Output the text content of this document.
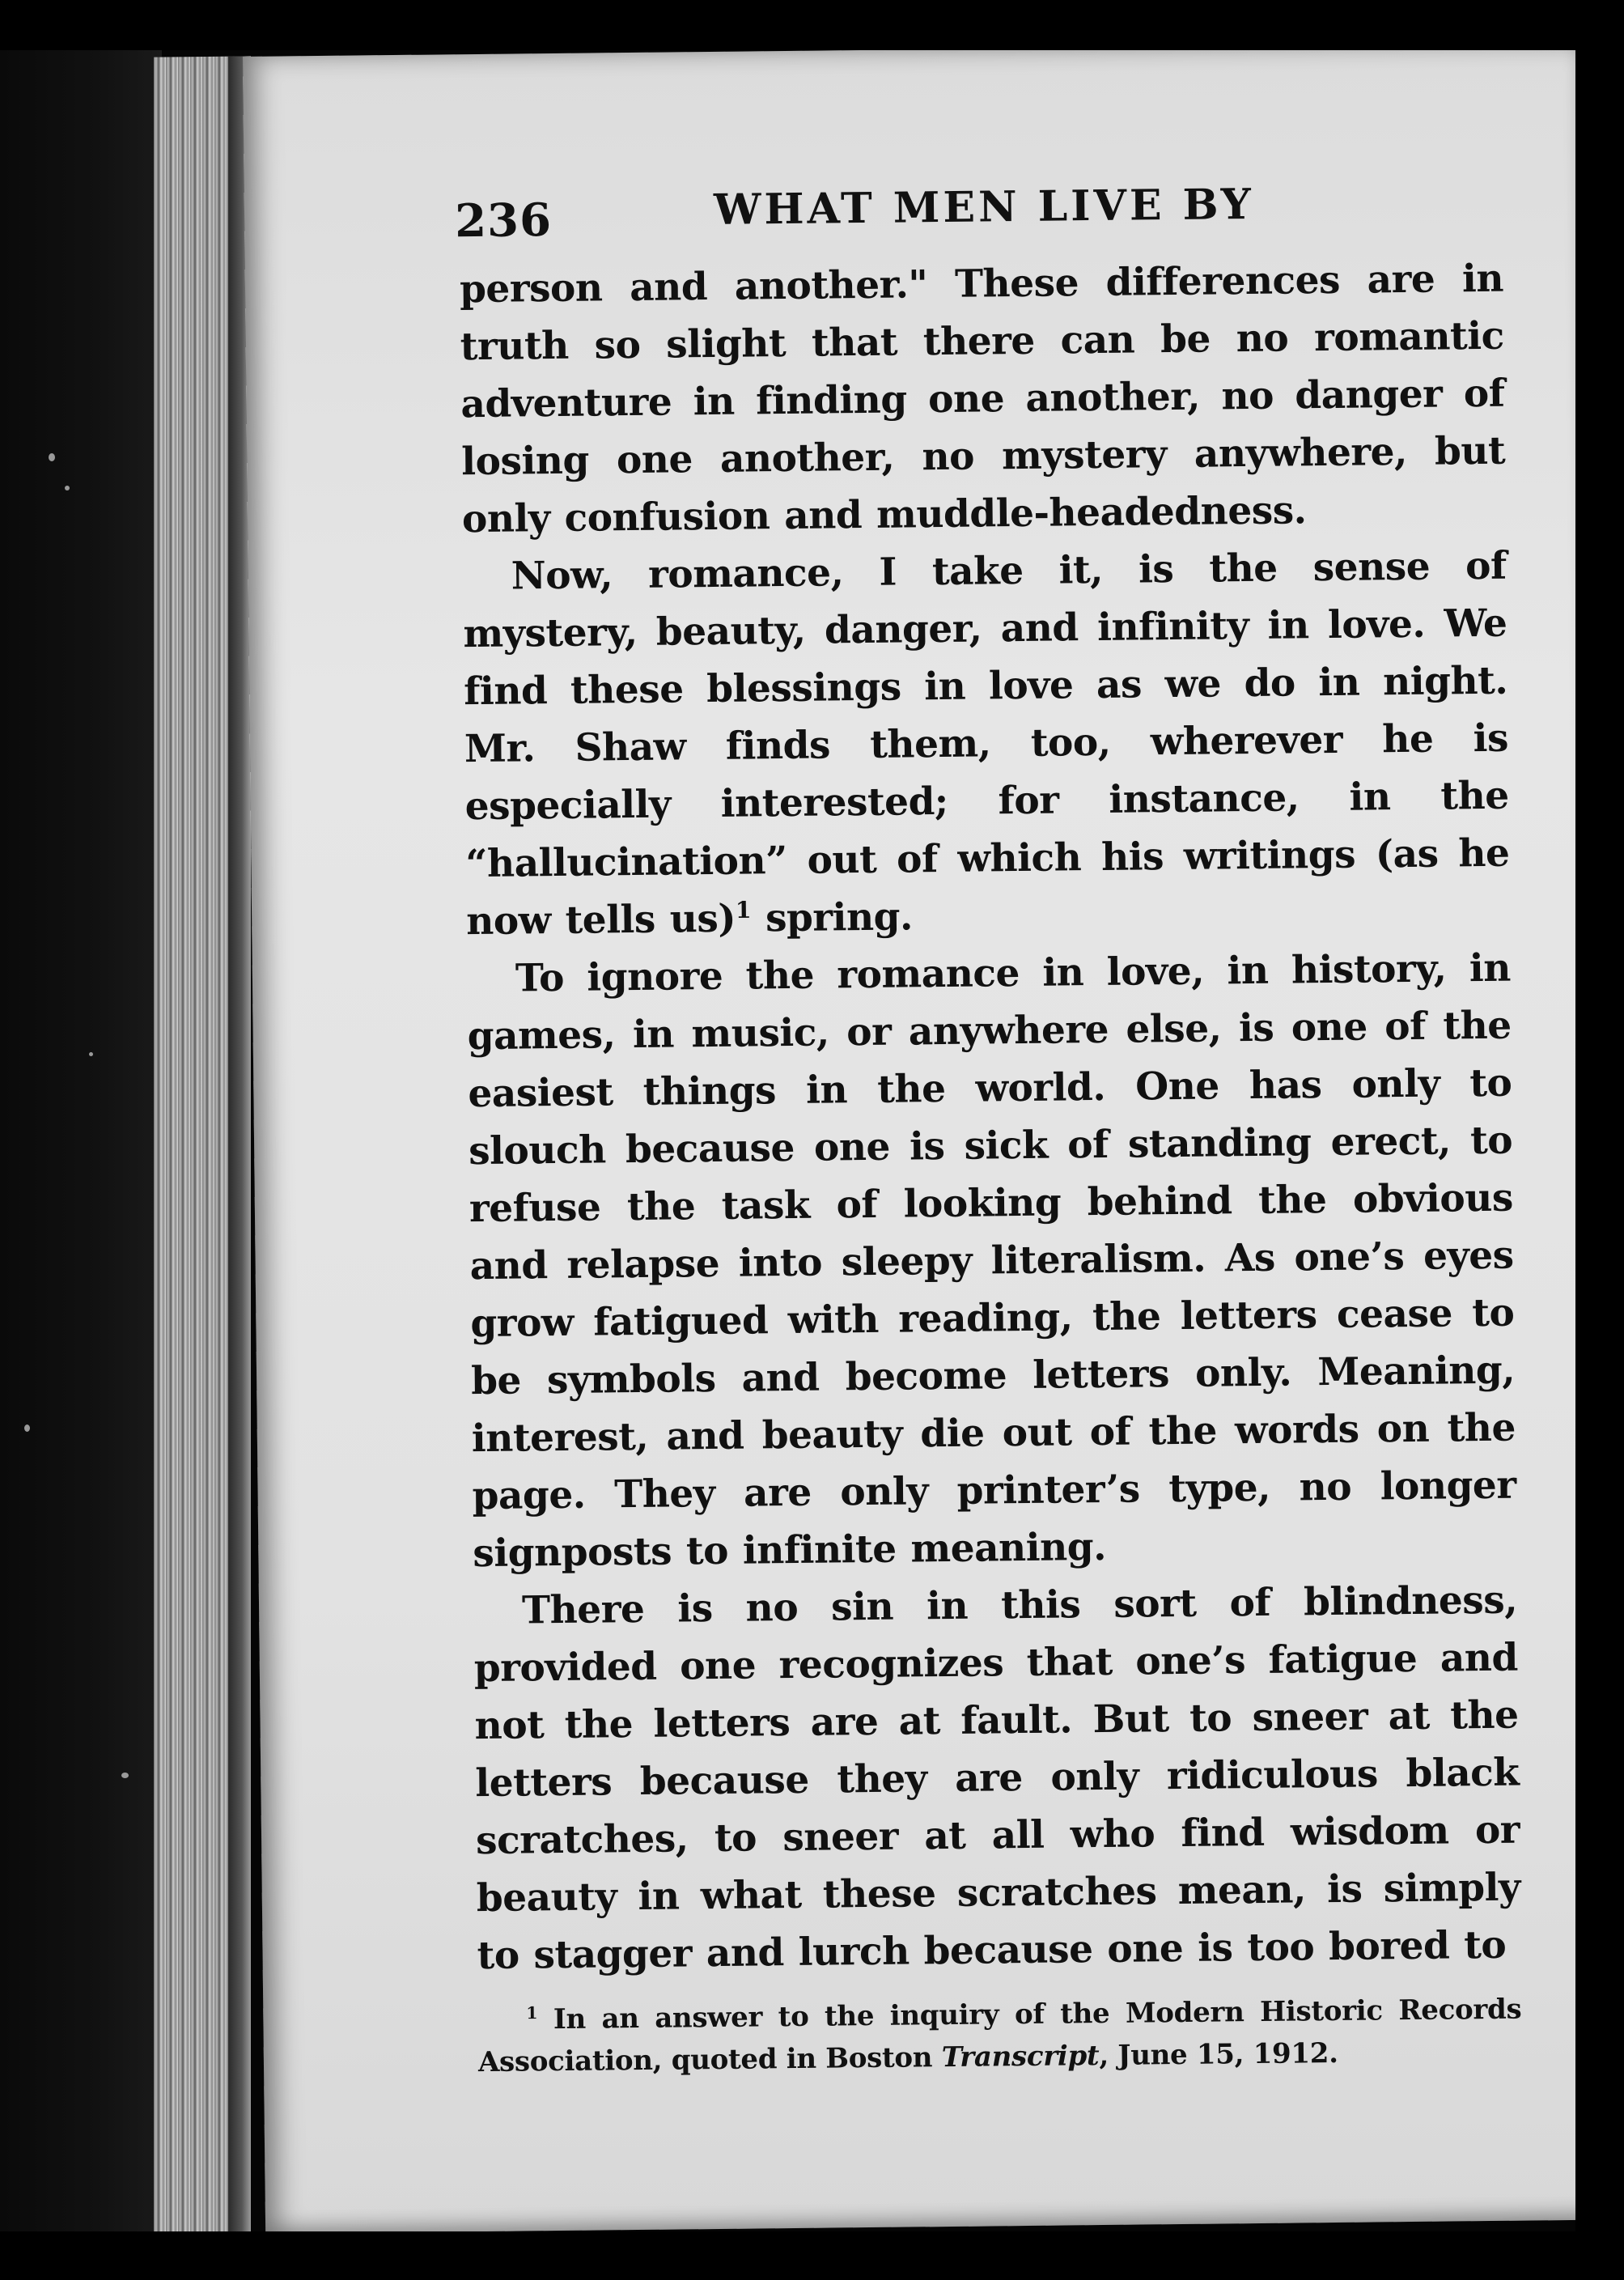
236	WHAT MEN LIVE BY

person and another." These differences are in truth so slight that there can be no romantic adventure in finding one another, no danger of losing one another, no mystery anywhere, but only confusion and muddle-headedness.

Now, romance, I take it, is the sense of mystery, beauty, danger, and infinity in love. We find these blessings in love as we do in night. Mr. Shaw finds them, too, wherever he is especially interested; for instance, in the “hallucination” out of which his writings (as he now tells us)$^1$ spring.

To ignore the romance in love, in history, in games, in music, or anywhere else, is one of the easiest things in the world. One has only to slouch because one is sick of standing erect, to refuse the task of looking behind the obvious and relapse into sleepy literalism. As one’s eyes grow fatigued with reading, the letters cease to be symbols and become letters only. Meaning, interest, and beauty die out of the words on the page. They are only printer’s type, no longer signposts to infinite meaning.

There is no sin in this sort of blindness, provided one recognizes that one’s fatigue and not the letters are at fault. But to sneer at the letters because they are only ridiculous black scratches, to sneer at all who find wisdom or beauty in what these scratches mean, is simply to stagger and lurch because one is too bored to

$^1$ In an answer to the inquiry of the Modern Historic Records Association, quoted in Boston Transcript, June 15, 1912.
